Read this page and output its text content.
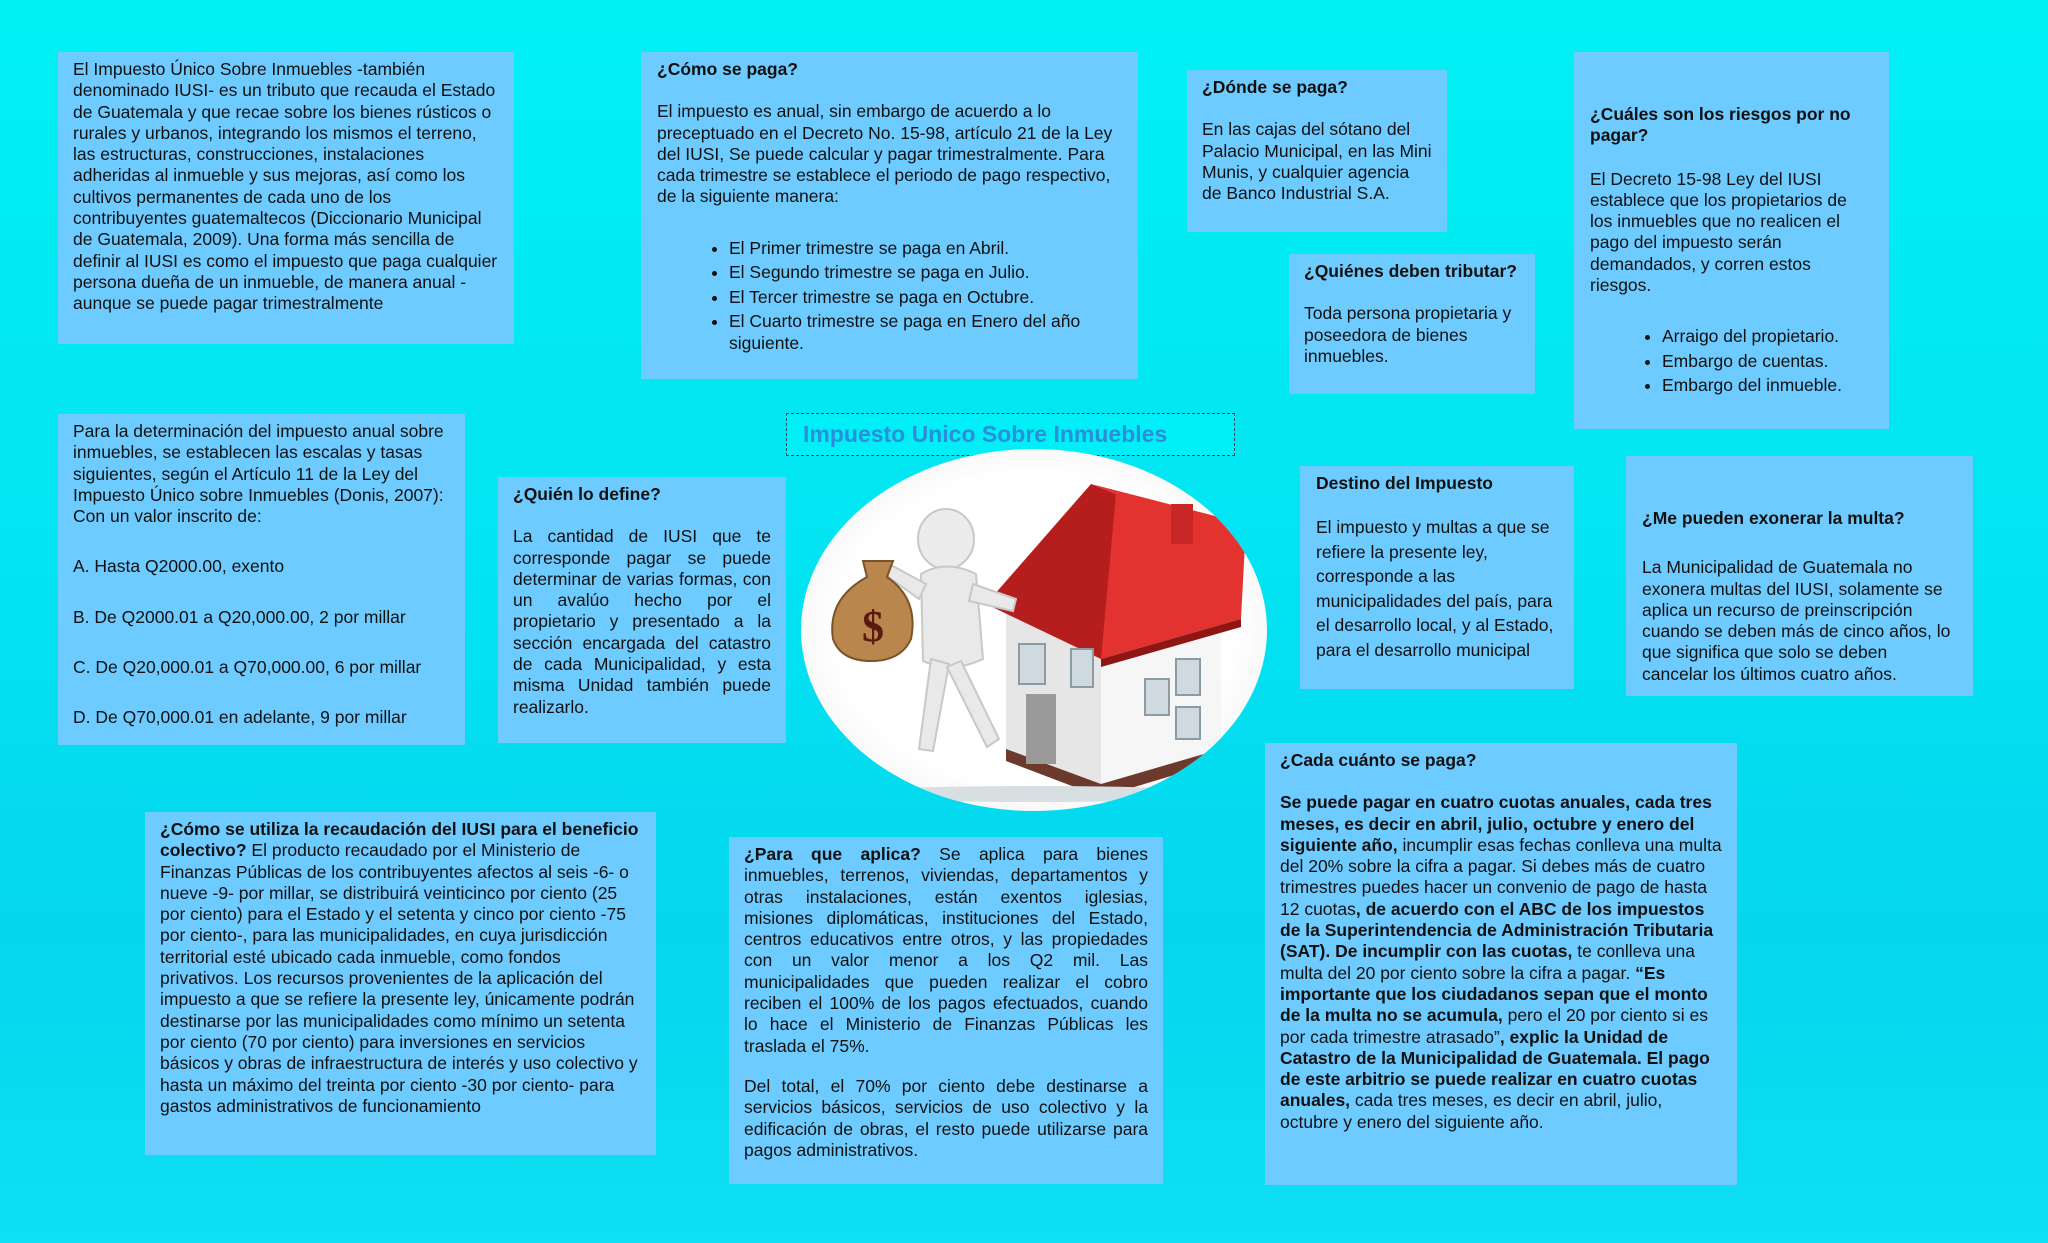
El Impuesto Único Sobre Inmuebles -también denominado IUSI- es un tributo que recauda el Estado de Guatemala y que recae sobre los bienes rústicos o rurales y urbanos, integrando los mismos el terreno, las estructuras, construcciones, instalaciones adheridas al inmueble y sus mejoras, así como los cultivos permanentes de cada uno de los contribuyentes guatemaltecos (Diccionario Municipal de Guatemala, 2009). Una forma más sencilla de definir al IUSI es como el impuesto que paga cualquier persona dueña de un inmueble, de manera anual -aunque se puede pagar trimestralmente

¿Cómo se paga?

El impuesto es anual, sin embargo de acuerdo a lo preceptuado en el Decreto No. 15-98, artículo 21 de la Ley del IUSI, Se puede calcular y pagar trimestralmente. Para cada trimestre se establece el periodo de pago respectivo, de la siguiente manera:

• El Primer trimestre se paga en Abril.
• El Segundo trimestre se paga en Julio.
• El Tercer trimestre se paga en Octubre.
• El Cuarto trimestre se paga en Enero del año siguiente.
¿Dónde se paga?

En las cajas del sótano del Palacio Municipal, en las Mini Munis, y cualquier agencia de Banco Industrial S.A.

¿Quiénes deben tributar?

Toda persona propietaria y poseedora de bienes inmuebles.

¿Cuáles son los riesgos por no pagar?

El Decreto 15-98 Ley del IUSI establece que los propietarios de los inmuebles que no realicen el pago del impuesto serán demandados, y corren estos riesgos.

• Arraigo del propietario.
• Embargo de cuentas.
• Embargo del inmueble.

Para la determinación del impuesto anual sobre inmuebles, se establecen las escalas y tasas siguientes, según el Artículo 11 de la Ley del Impuesto Único sobre Inmuebles (Donis, 2007): Con un valor inscrito de:

A. Hasta Q2000.00, exento

B. De Q2000.01 a Q20,000.00, 2 por millar

C. De Q20,000.01 a Q70,000.00, 6 por millar

D. De Q70,000.01 en adelante, 9 por millar

¿Quién lo define?

La cantidad de IUSI que te corresponde pagar se puede determinar de varias formas, con un avalúo hecho por el propietario y presentado a la sección encargada del catastro de cada Municipalidad, y esta misma Unidad también puede realizarlo.

Impuesto Unico Sobre Inmuebles
$
Destino del Impuesto

El impuesto y multas a que se refiere la presente ley, corresponde a las municipalidades del país, para el desarrollo local, y al Estado, para el desarrollo municipal

¿Me pueden exonerar la multa?

La Municipalidad de Guatemala no exonera multas del IUSI, solamente se aplica un recurso de preinscripción cuando se deben más de cinco años, lo que significa que solo se deben cancelar los últimos cuatro años.

¿Cómo se utiliza la recaudación del IUSI para el beneficio colectivo? El producto recaudado por el Ministerio de Finanzas Públicas de los contribuyentes afectos al seis -6- o nueve -9- por millar, se distribuirá veinticinco por ciento (25 por ciento) para el Estado y el setenta y cinco por ciento -75 por ciento-, para las municipalidades, en cuya jurisdicción territorial esté ubicado cada inmueble, como fondos privativos. Los recursos provenientes de la aplicación del impuesto a que se refiere la presente ley, únicamente podrán destinarse por las municipalidades como mínimo un setenta por ciento (70 por ciento) para inversiones en servicios básicos y obras de infraestructura de interés y uso colectivo y hasta un máximo del treinta por ciento -30 por ciento- para gastos administrativos de funcionamiento

¿Para que aplica? Se aplica para bienes inmuebles, terrenos, viviendas, departamentos y otras instalaciones, están exentos iglesias, misiones diplomáticas, instituciones del Estado, centros educativos entre otros, y las propiedades con un valor menor a los Q2 mil. Las municipalidades que pueden realizar el cobro reciben el 100% de los pagos efectuados, cuando lo hace el Ministerio de Finanzas Públicas les traslada el 75%.

Del total, el 70% por ciento debe destinarse a servicios básicos, servicios de uso colectivo y la edificación de obras, el resto puede utilizarse para pagos administrativos.

¿Cada cuánto se paga?

Se puede pagar en cuatro cuotas anuales, cada tres meses, es decir en abril, julio, octubre y enero del siguiente año, incumplir esas fechas conlleva una multa del 20% sobre la cifra a pagar. Si debes más de cuatro trimestres puedes hacer un convenio de pago de hasta 12 cuotas, de acuerdo con el ABC de los impuestos de la Superintendencia de Administración Tributaria (SAT). De incumplir con las cuotas, te conlleva una multa del 20 por ciento sobre la cifra a pagar. “Es importante que los ciudadanos sepan que el monto de la multa no se acumula, pero el 20 por ciento si es por cada trimestre atrasado”, explic la Unidad de Catastro de la Municipalidad de Guatemala. El pago de este arbitrio se puede realizar en cuatro cuotas anuales, cada tres meses, es decir en abril, julio, octubre y enero del siguiente año.
